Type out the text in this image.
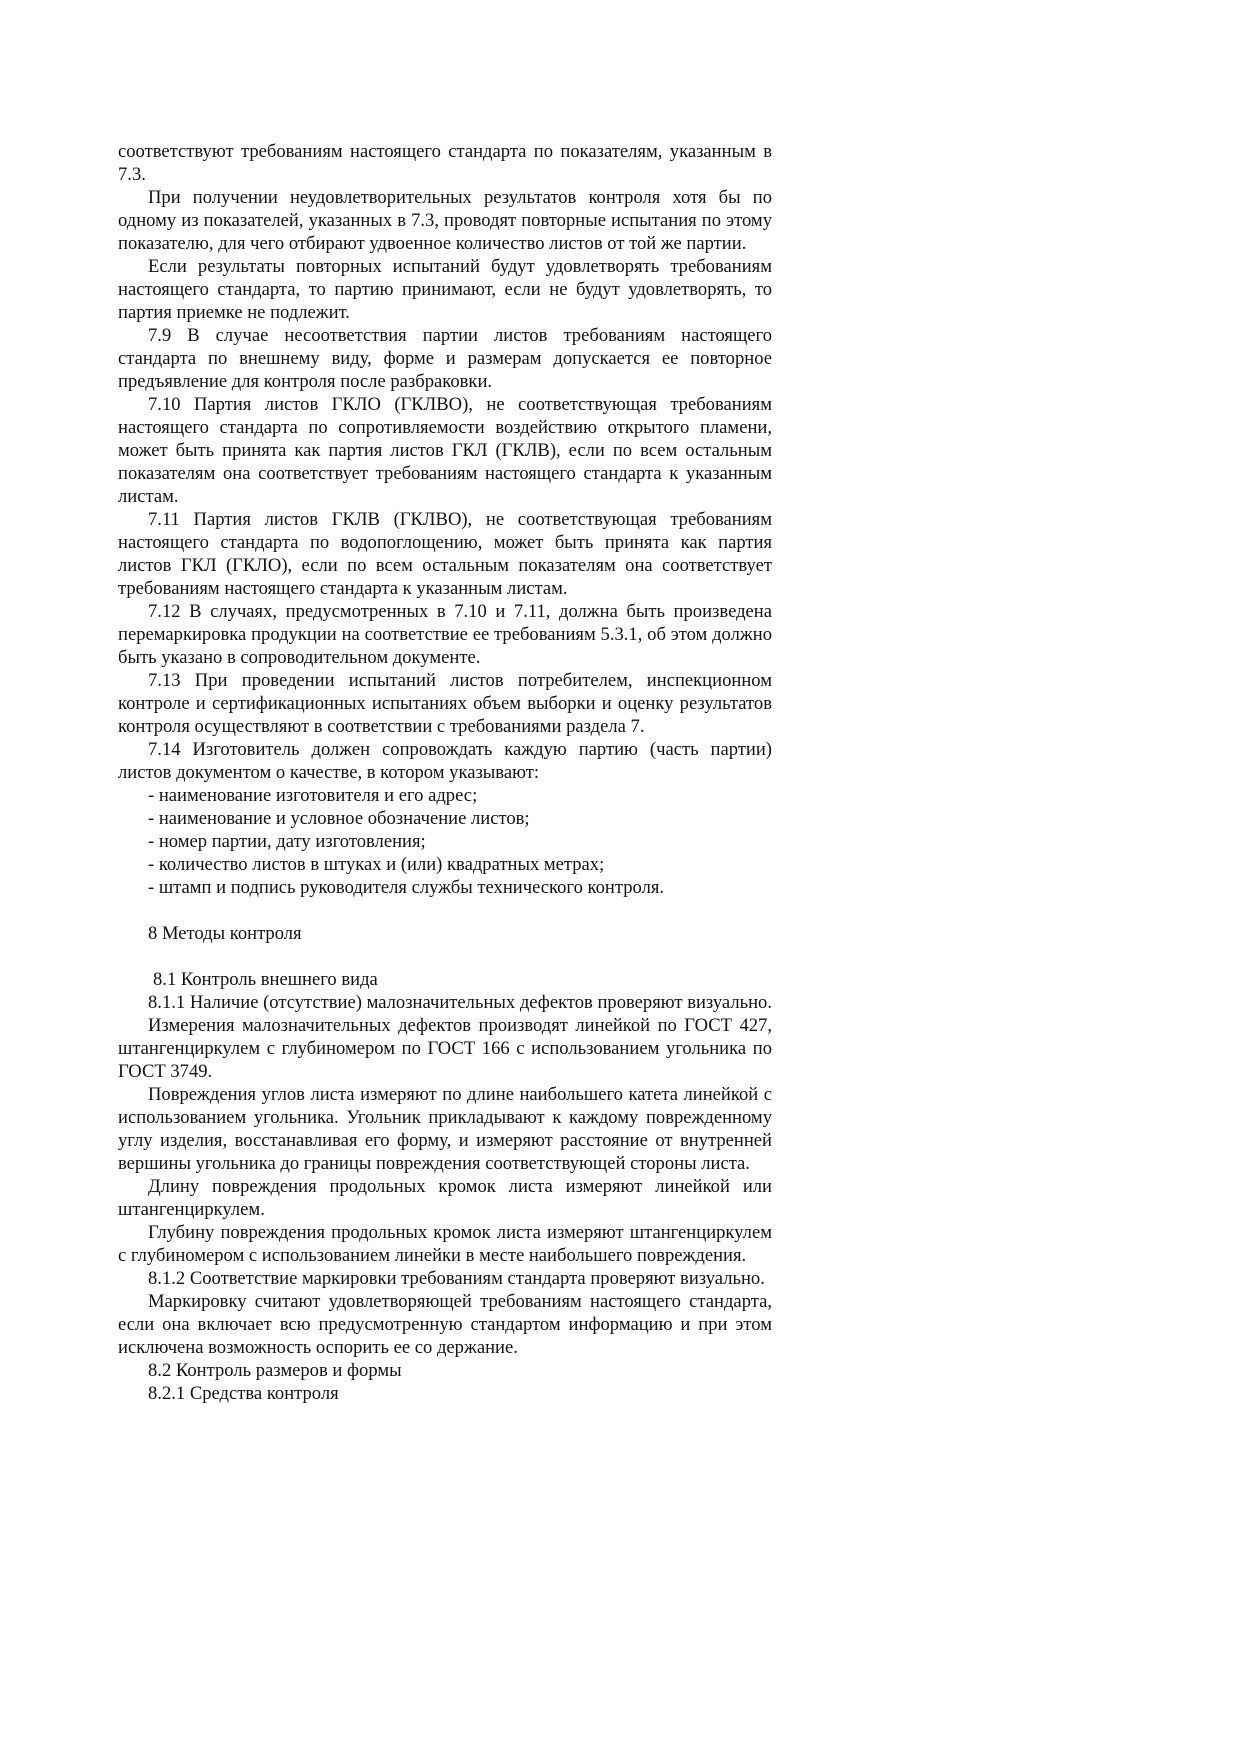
соответствуют требованиям настоящего стандарта по показателям, указанным в 7.3.

При получении неудовлетворительных результатов контроля хотя бы по одному из показателей, указанных в 7.3, проводят повторные испытания по этому показателю, для чего отбирают удвоенное количество листов от той же партии.

Если результаты повторных испытаний будут удовлетворять требованиям настоящего стандарта, то партию принимают, если не будут удовлетворять, то партия приемке не подлежит.

7.9 В случае несоответствия партии листов требованиям настоящего стандарта по внешнему виду, форме и размерам допускается ее повторное предъявление для контроля после разбраковки.

7.10 Партия листов ГКЛО (ГКЛВО), не соответствующая требованиям настоящего стандарта по сопротивляемости воздействию открытого пламени, может быть принята как партия листов ГКЛ (ГКЛВ), если по всем остальным показателям она соответствует требованиям настоящего стандарта к указанным листам.

7.11 Партия листов ГКЛВ (ГКЛВО), не соответствующая требованиям настоящего стандарта по водопоглощению, может быть принята как партия листов ГКЛ (ГКЛО), если по всем остальным показателям она соответствует требованиям настоящего стандарта к указанным листам.

7.12 В случаях, предусмотренных в 7.10 и 7.11, должна быть произведена перемаркировка продукции на соответствие ее требованиям 5.3.1, об этом должно быть указано в сопроводительном документе.

7.13 При проведении испытаний листов потребителем, инспекционном контроле и сертификационных испытаниях объем выборки и оценку результатов контроля осуществляют в соответствии с требованиями раздела 7.

7.14 Изготовитель должен сопровождать каждую партию (часть партии) листов документом о качестве, в котором указывают:

- наименование изготовителя и его адрес;

- наименование и условное обозначение листов;

- номер партии, дату изготовления;

- количество листов в штуках и (или) квадратных метрах;

- штамп и подпись руководителя службы технического контроля.

8 Методы контроля

8.1 Контроль внешнего вида

8.1.1 Наличие (отсутствие) малозначительных дефектов проверяют визуально.

Измерения малозначительных дефектов производят линейкой по ГОСТ 427, штангенциркулем с глубиномером по ГОСТ 166 с использованием угольника по ГОСТ 3749.

Повреждения углов листа измеряют по длине наибольшего катета линейкой с использованием угольника. Угольник прикладывают к каждому поврежденному углу изделия, восстанавливая его форму, и измеряют расстояние от внутренней вершины угольника до границы повреждения соответствующей стороны листа.

Длину повреждения продольных кромок листа измеряют линейкой или штангенциркулем.

Глубину повреждения продольных кромок листа измеряют штангенциркулем с глубиномером с использованием линейки в месте наибольшего повреждения.

8.1.2 Соответствие маркировки требованиям стандарта проверяют визуально.

Маркировку считают удовлетворяющей требованиям настоящего стандарта, если она включает всю предусмотренную стандартом информацию и при этом исключена возможность оспорить ее со держание.

8.2 Контроль размеров и формы

8.2.1 Средства контроля
